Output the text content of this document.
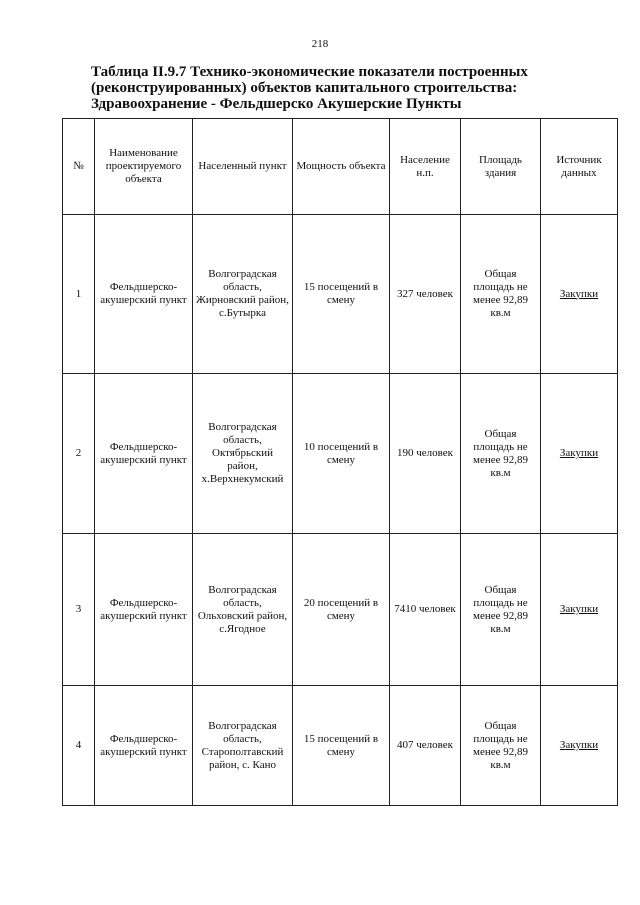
218
Таблица II.9.7 Технико-экономические показатели построенных (реконструированных) объектов капитального строительства: Здравоохранение - Фельдшерско Акушерские Пункты
№	Наименование проектируемого объекта	Населенный пункт	Мощность объекта	Население н.п.	Площадь здания	Источник данных
1	Фельдшерско-акушерский пункт	Волгоградская область, Жирновский район, с.Бутырка	15 посещений в смену	327 человек	Общая площадь не менее 92,89 кв.м	Закупки
2	Фельдшерско-акушерский пункт	Волгоградская область, Октябрьский район, х.Верхнекумский	10 посещений в смену	190 человек	Общая площадь не менее 92,89 кв.м	Закупки
3	Фельдшерско-акушерский пункт	Волгоградская область, Ольховский район, с.Ягодное	20 посещений в смену	7410 человек	Общая площадь не менее 92,89 кв.м	Закупки
4	Фельдшерско-акушерский пункт	Волгоградская область, Старополтавский район, с. Кано	15 посещений в смену	407 человек	Общая площадь не менее 92,89 кв.м	Закупки
